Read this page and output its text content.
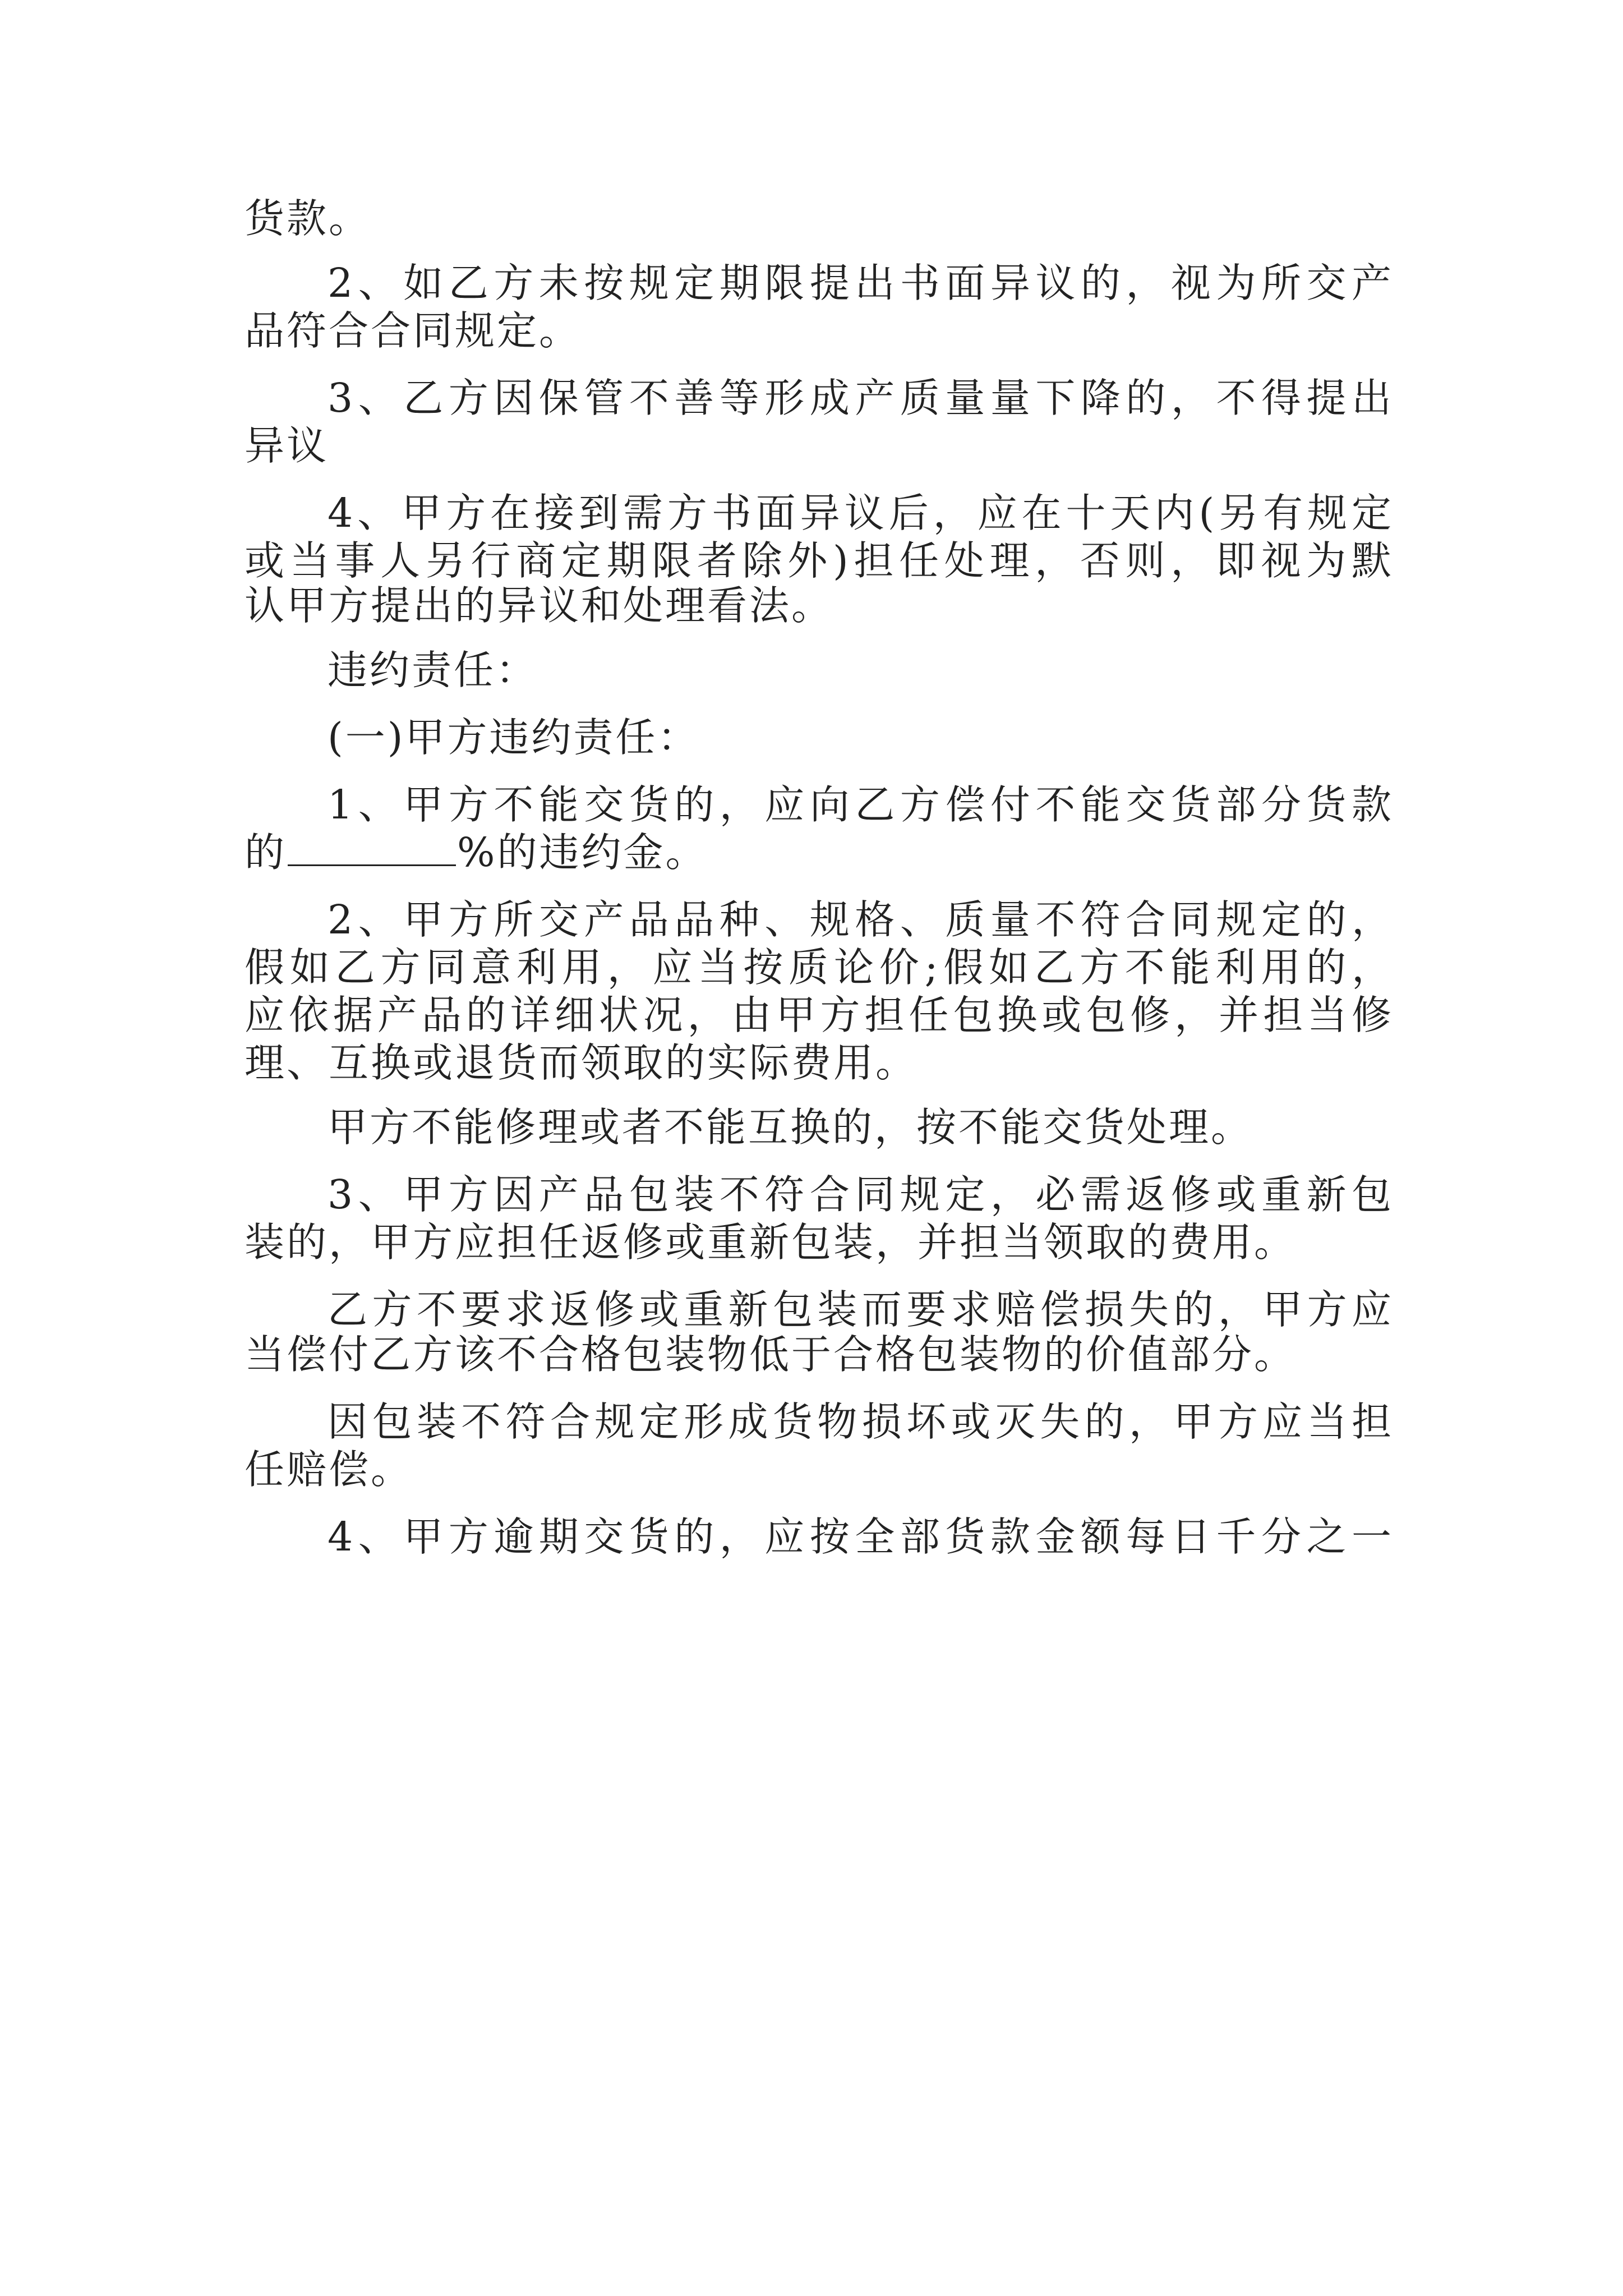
货款。
2、如乙方未按规定期限提出书面异议的，视为所交产
品符合合同规定。
3、乙方因保管不善等形成产质量量下降的，不得提出
异议
4、甲方在接到需方书面异议后，应在十天内(另有规定
或当事人另行商定期限者除外)担任处理，否则，即视为默
认甲方提出的异议和处理看法。
违约责任：
(一)甲方违约责任：
1、甲方不能交货的，应向乙方偿付不能交货部分货款
的	%的违约金。
2、甲方所交产品品种、规格、质量不符合同规定的，
假如乙方同意利用，应当按质论价;假如乙方不能利用的，
应依据产品的详细状况，由甲方担任包换或包修，并担当修
理、互换或退货而领取的实际费用。
甲方不能修理或者不能互换的，按不能交货处理。
3、甲方因产品包装不符合同规定，必需返修或重新包
装的，甲方应担任返修或重新包装，并担当领取的费用。
乙方不要求返修或重新包装而要求赔偿损失的，甲方应
当偿付乙方该不合格包装物低于合格包装物的价值部分。
因包装不符合规定形成货物损坏或灭失的，甲方应当担
任赔偿。
4、甲方逾期交货的，应按全部货款金额每日千分之一
